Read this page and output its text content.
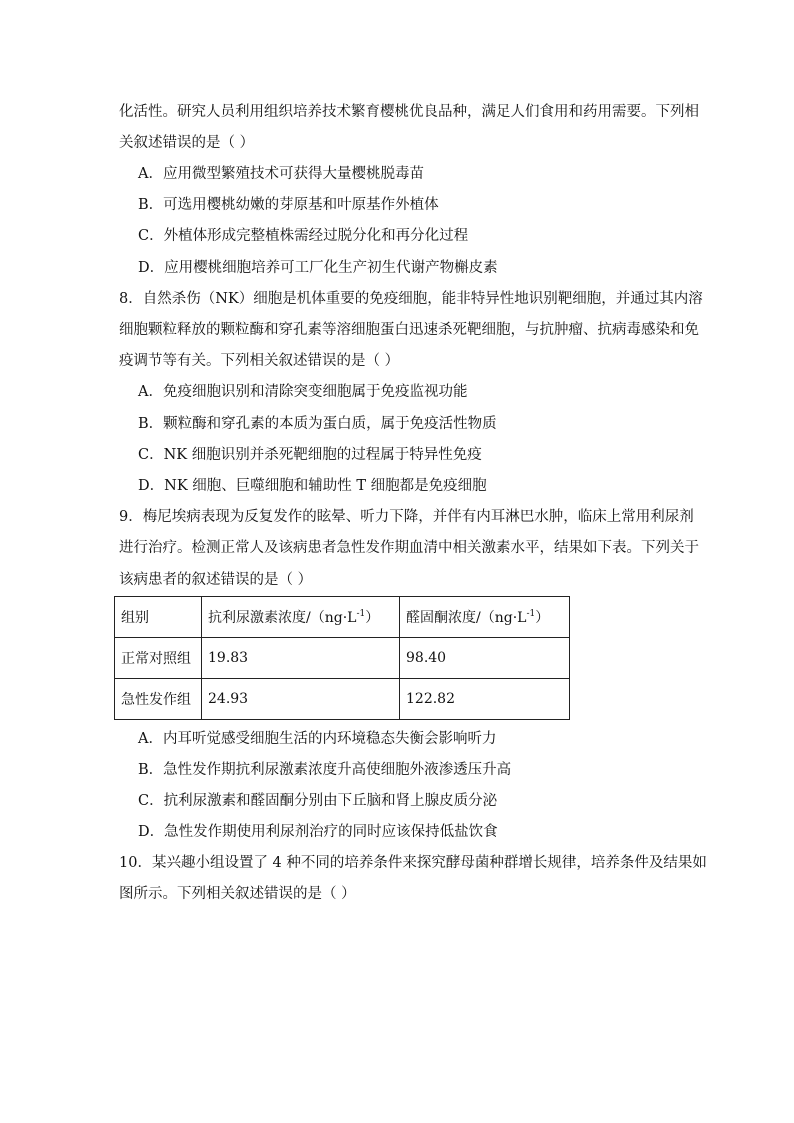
化活性。研究人员利用组织培养技术繁育樱桃优良品种，满足人们食用和药用需要。下列相
关叙述错误的是（ ）
A．应用微型繁殖技术可获得大量樱桃脱毒苗
B．可选用樱桃幼嫩的芽原基和叶原基作外植体
C．外植体形成完整植株需经过脱分化和再分化过程
D．应用樱桃细胞培养可工厂化生产初生代谢产物槲皮素
8．自然杀伤（NK）细胞是机体重要的免疫细胞，能非特异性地识别靶细胞，并通过其内溶
细胞颗粒释放的颗粒酶和穿孔素等溶细胞蛋白迅速杀死靶细胞，与抗肿瘤、抗病毒感染和免
疫调节等有关。下列相关叙述错误的是（ ）
A．免疫细胞识别和清除突变细胞属于免疫监视功能
B．颗粒酶和穿孔素的本质为蛋白质，属于免疫活性物质
C．NK 细胞识别并杀死靶细胞的过程属于特异性免疫
D．NK 细胞、巨噬细胞和辅助性 T 细胞都是免疫细胞
9．梅尼埃病表现为反复发作的眩晕、听力下降，并伴有内耳淋巴水肿，临床上常用利尿剂
进行治疗。检测正常人及该病患者急性发作期血清中相关激素水平，结果如下表。下列关于
该病患者的叙述错误的是（ ）
组别	抗利尿激素浓度$/(ng\cdot L^{-1})$	醛固酮浓度$/(ng\cdot L^{-1})$
正常对照组	19.83	98.40
急性发作组	24.93	122.82
A．内耳听觉感受细胞生活的内环境稳态失衡会影响听力
B．急性发作期抗利尿激素浓度升高使细胞外液渗透压升高
C．抗利尿激素和醛固酮分别由下丘脑和肾上腺皮质分泌
D．急性发作期使用利尿剂治疗的同时应该保持低盐饮食
10．某兴趣小组设置了 4 种不同的培养条件来探究酵母菌种群增长规律，培养条件及结果如
图所示。下列相关叙述错误的是（ ）
